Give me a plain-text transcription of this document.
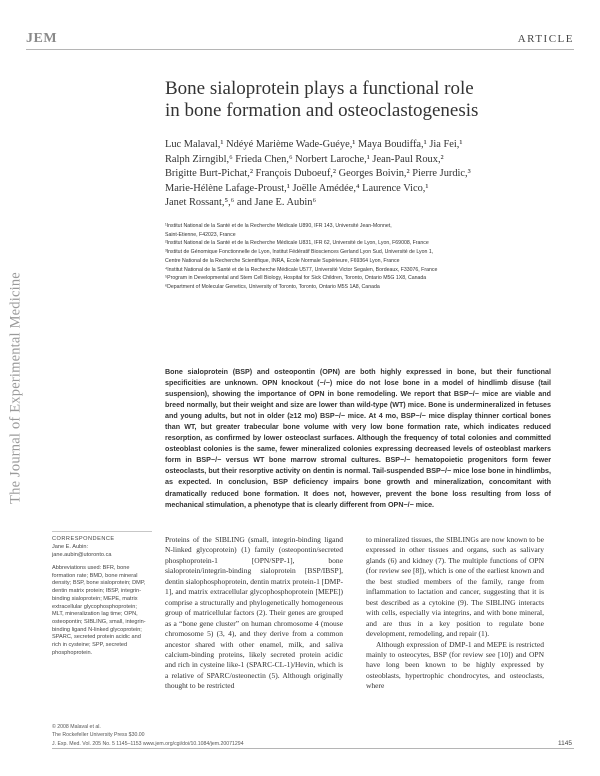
JEM	ARTICLE
The Journal of Experimental Medicine
Bone sialoprotein plays a functional role
in bone formation and osteoclastogenesis
Luc Malaval,¹ Ndéyé Marième Wade-Guéye,¹ Maya Boudiffa,¹ Jia Fei,¹
Ralph Zirngibl,⁶ Frieda Chen,⁶ Norbert Laroche,¹ Jean-Paul Roux,²
Brigitte Burt-Pichat,² François Duboeuf,² Georges Boivin,² Pierre Jurdic,³
Marie-Hélène Lafage-Proust,¹ Joëlle Amédée,⁴ Laurence Vico,¹
Janet Rossant,⁵,⁶ and Jane E. Aubin⁶
¹Institut National de la Santé et de la Recherche Médicale U890, IFR 143, Université Jean-Monnet,
Saint-Etienne, F42023, France
²Institut National de la Santé et de la Recherche Médicale U831, IFR 62, Université de Lyon, Lyon, F69008, France
³Institut de Génomique Fonctionnelle de Lyon, Institut Fédératif Biosciences Gerland Lyon Sud, Université de Lyon 1,
Centre National de la Recherche Scientifique, INRA, Ecole Normale Supérieure, F69364 Lyon, France
⁴Institut National de la Santé et de la Recherche Médicale U577, Université Victor Segalen, Bordeaux, F33076, France
⁵Program in Developmental and Stem Cell Biology, Hospital for Sick Children, Toronto, Ontario M5G 1X8, Canada
⁶Department of Molecular Genetics, University of Toronto, Toronto, Ontario M5S 1A8, Canada
Bone sialoprotein (BSP) and osteopontin (OPN) are both highly expressed in bone, but their functional specificities are unknown. OPN knockout (−/−) mice do not lose bone in a model of hindlimb disuse (tail suspension), showing the importance of OPN in bone remodeling. We report that BSP−/− mice are viable and breed normally, but their weight and size are lower than wild-type (WT) mice. Bone is undermineralized in fetuses and young adults, but not in older (≥12 mo) BSP−/− mice. At 4 mo, BSP−/− mice display thinner cortical bones than WT, but greater trabecular bone volume with very low bone formation rate, which indicates reduced resorption, as confirmed by lower osteoclast surfaces. Although the frequency of total colonies and committed osteoblast colonies is the same, fewer mineralized colonies expressing decreased levels of osteoblast markers form in BSP−/− versus WT bone marrow stromal cultures. BSP−/− hematopoietic progenitors form fewer osteoclasts, but their resorptive activity on dentin is normal. Tail-suspended BSP−/− mice lose bone in hindlimbs, as expected. In conclusion, BSP deficiency impairs bone growth and mineralization, concomitant with dramatically reduced bone formation. It does not, however, prevent the bone loss resulting from loss of mechanical stimulation, a phenotype that is clearly different from OPN−/− mice.
CORRESPONDENCE
Jane E. Aubin:
jane.aubin@utoronto.ca
Abbreviations used: BFR, bone formation rate; BMD, bone mineral density; BSP, bone sialoprotein; DMP, dentin matrix protein; IBSP, integrin-binding sialoprotein; MEPE, matrix extracellular glycophosphoprotein; MLT, mineralization lag time; OPN, osteopontin; SIBLING, small, integrin-binding ligand N-linked glycoprotein; SPARC, secreted protein acidic and rich in cysteine; SPP, secreted phosphoprotein.

Proteins of the SIBLING (small, integrin-binding ligand N-linked glycoprotein) (1) family (osteopontin/secreted phosphoprotein-1 [OPN/SPP-1], bone sialoprotein/integrin-binding sialoprotein [BSP/IBSP], dentin sialophosphoprotein, dentin matrix protein-1 [DMP-1], and matrix extracellular glycophosphoprotein [MEPE]) comprise a structurally and phylogenetically homogeneous group of matricellular factors (2). Their genes are grouped as a “bone gene cluster” on human chromosome 4 (mouse chromosome 5) (3, 4), and they derive from a common ancestor shared with other enamel, milk, and saliva calcium-binding proteins, likely secreted protein acidic and rich in cysteine like-1 (SPARC-CL-1)/Hevin, which is a relative of SPARC/osteonectin (5). Although originally thought to be restricted

to mineralized tissues, the SIBLINGs are now known to be expressed in other tissues and organs, such as salivary glands (6) and kidney (7). The multiple functions of OPN (for review see [8]), which is one of the earliest known and the best studied members of the family, range from inflammation to lactation and cancer, suggesting that it is best described as a cytokine (9). The SIBLING interacts with cells, especially via integrins, and with bone mineral, and are thus in a key position to regulate bone development, remodeling, and repair (1).

Although expression of DMP-1 and MEPE is restricted mainly to osteocytes, BSP (for review see [10]) and OPN have long been known to be highly expressed by osteoblasts, hypertrophic chondrocytes, and osteoclasts, where

© 2008 Malaval et al.
The Rockefeller University Press $30.00
J. Exp. Med. Vol. 205 No. 5 1145–1153 www.jem.org/cgi/doi/10.1084/jem.20071294	1145
